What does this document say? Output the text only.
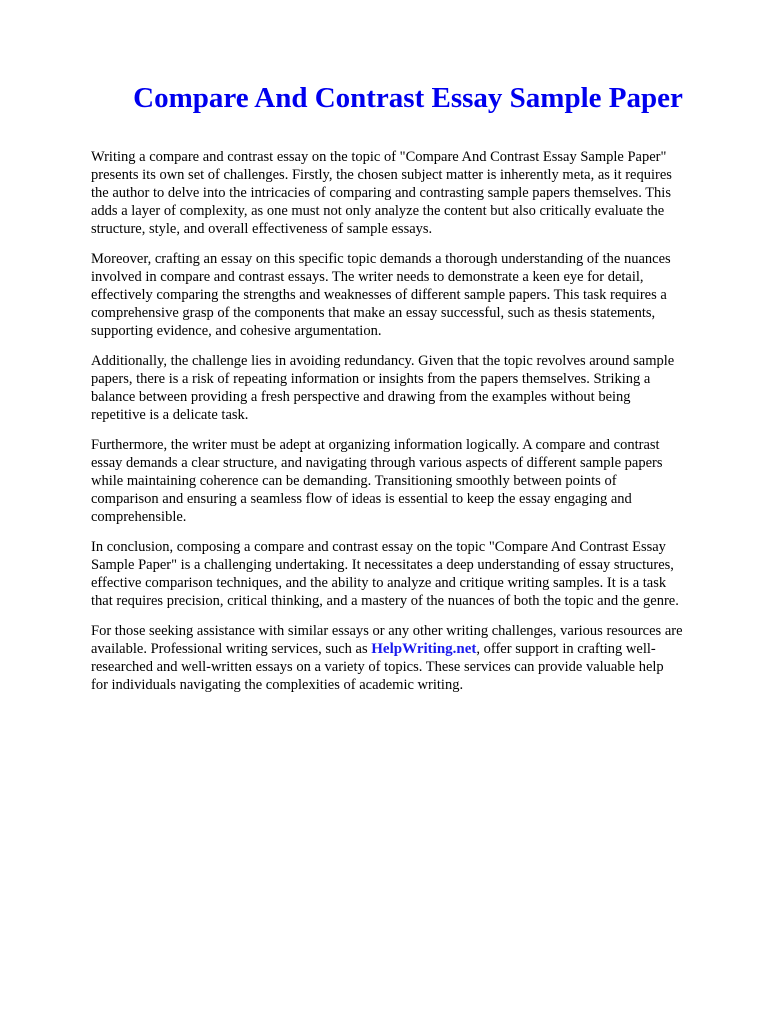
Compare And Contrast Essay Sample Paper

Writing a compare and contrast essay on the topic of "Compare And Contrast Essay Sample Paper"
presents its own set of challenges. Firstly, the chosen subject matter is inherently meta, as it requires
the author to delve into the intricacies of comparing and contrasting sample papers themselves. This
adds a layer of complexity, as one must not only analyze the content but also critically evaluate the
structure, style, and overall effectiveness of sample essays.

Moreover, crafting an essay on this specific topic demands a thorough understanding of the nuances
involved in compare and contrast essays. The writer needs to demonstrate a keen eye for detail,
effectively comparing the strengths and weaknesses of different sample papers. This task requires a
comprehensive grasp of the components that make an essay successful, such as thesis statements,
supporting evidence, and cohesive argumentation.

Additionally, the challenge lies in avoiding redundancy. Given that the topic revolves around sample
papers, there is a risk of repeating information or insights from the papers themselves. Striking a
balance between providing a fresh perspective and drawing from the examples without being
repetitive is a delicate task.

Furthermore, the writer must be adept at organizing information logically. A compare and contrast
essay demands a clear structure, and navigating through various aspects of different sample papers
while maintaining coherence can be demanding. Transitioning smoothly between points of
comparison and ensuring a seamless flow of ideas is essential to keep the essay engaging and
comprehensible.

In conclusion, composing a compare and contrast essay on the topic "Compare And Contrast Essay
Sample Paper" is a challenging undertaking. It necessitates a deep understanding of essay structures,
effective comparison techniques, and the ability to analyze and critique writing samples. It is a task
that requires precision, critical thinking, and a mastery of the nuances of both the topic and the genre.

For those seeking assistance with similar essays or any other writing challenges, various resources are
available. Professional writing services, such as HelpWriting.net, offer support in crafting well-
researched and well-written essays on a variety of topics. These services can provide valuable help
for individuals navigating the complexities of academic writing.
